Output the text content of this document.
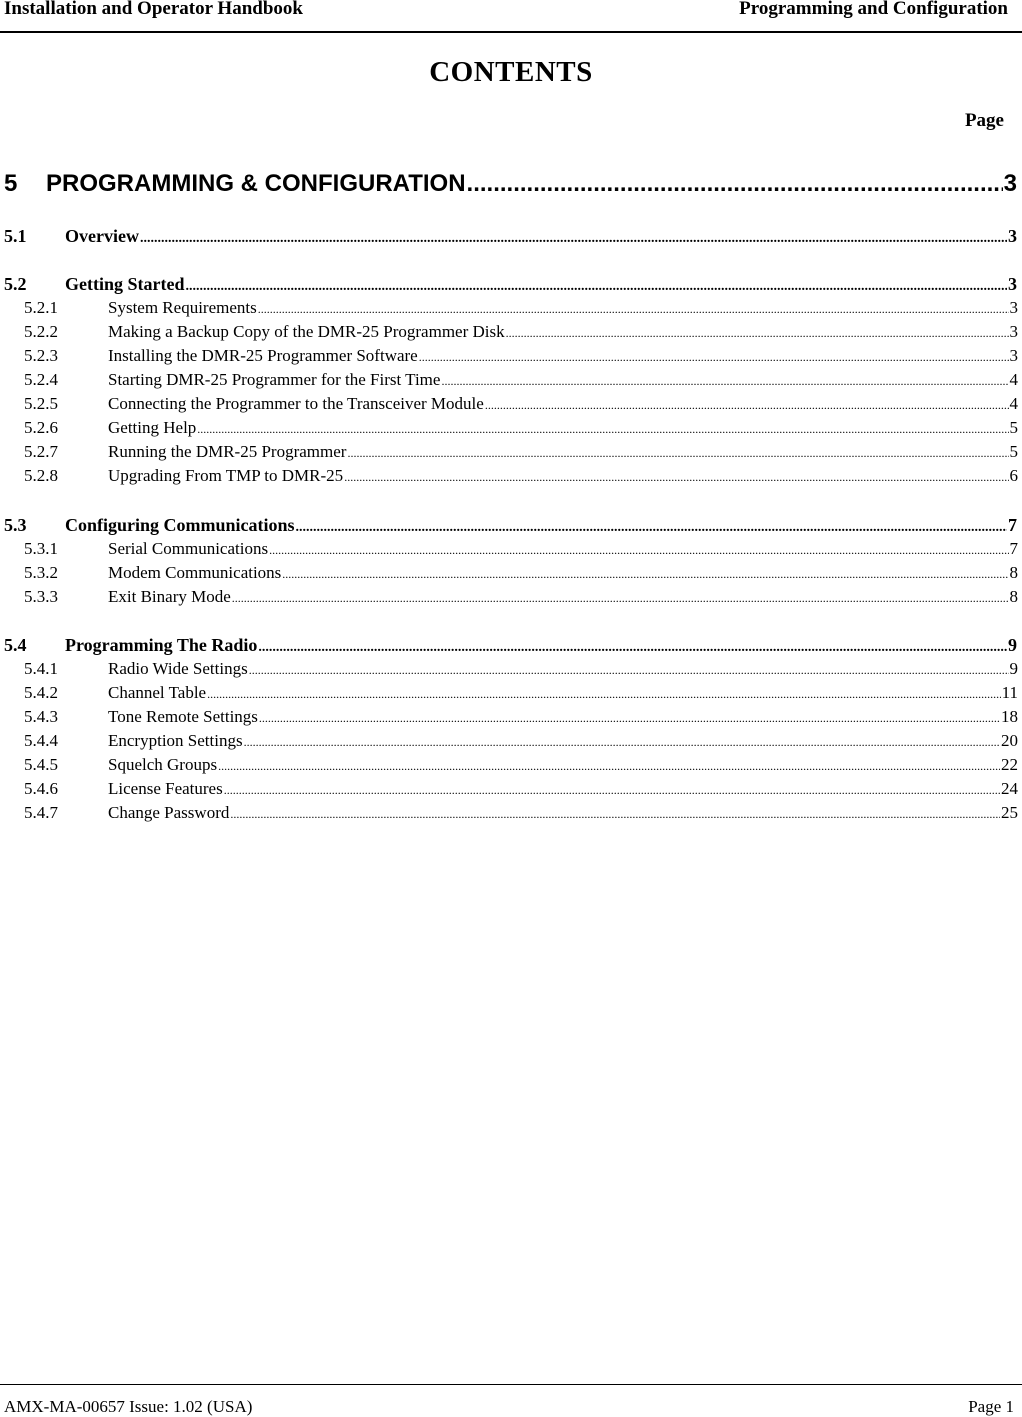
Installation and Operator Handbook	Programming and Configuration
CONTENTS
Page
5	PROGRAMMING & CONFIGURATION .....	3
5.1	Overview .....	3
5.2	Getting Started .....	3
5.2.1	System Requirements .....	3
5.2.2	Making a Backup Copy of the DMR-25 Programmer Disk .....	3
5.2.3	Installing the DMR-25 Programmer Software .....	3
5.2.4	Starting DMR-25 Programmer for the First Time .....	4
5.2.5	Connecting the Programmer to the Transceiver Module .....	4
5.2.6	Getting Help .....	5
5.2.7	Running the DMR-25 Programmer .....	5
5.2.8	Upgrading From TMP to DMR-25 .....	6
5.3	Configuring Communications .....	7
5.3.1	Serial Communications .....	7
5.3.2	Modem Communications .....	8
5.3.3	Exit Binary Mode .....	8
5.4	Programming The Radio .....	9
5.4.1	Radio Wide Settings .....	9
5.4.2	Channel Table .....	11
5.4.3	Tone Remote Settings .....	18
5.4.4	Encryption Settings .....	20
5.4.5	Squelch Groups .....	22
5.4.6	License Features .....	24
5.4.7	Change Password .....	25
AMX-MA-00657 Issue: 1.02 (USA)	Page 1
